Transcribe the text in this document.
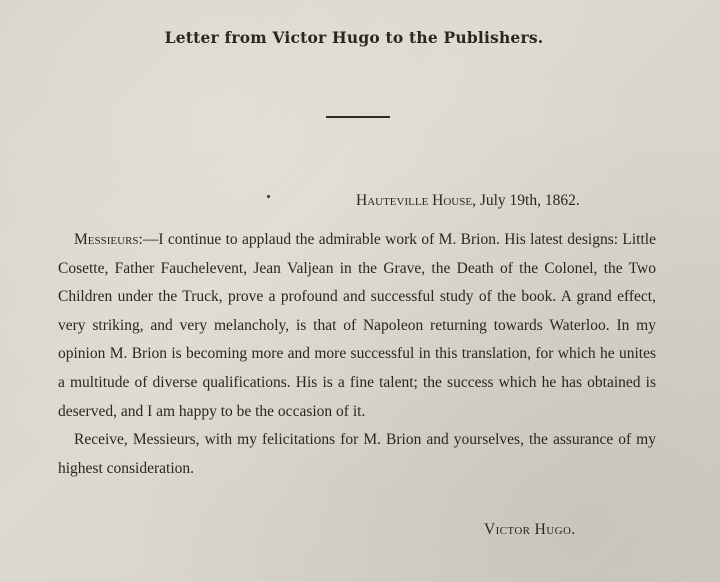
Letter from Victor Hugo to the Publishers.
Hauteville House, July 19th, 1862.

Messieurs:—I continue to applaud the admirable work of M. Brion. His latest designs: Little Cosette, Father Fauchelevent, Jean Valjean in the Grave, the Death of the Colonel, the Two Children under the Truck, prove a profound and successful study of the book. A grand effect, very striking, and very melancholy, is that of Napoleon returning towards Waterloo. In my opinion M. Brion is becoming more and more successful in this translation, for which he unites a multitude of diverse qualifications. His is a fine talent; the success which he has obtained is deserved, and I am happy to be the occasion of it.

Receive, Messieurs, with my felicitations for M. Brion and yourselves, the assurance of my highest consideration.

Victor Hugo.
